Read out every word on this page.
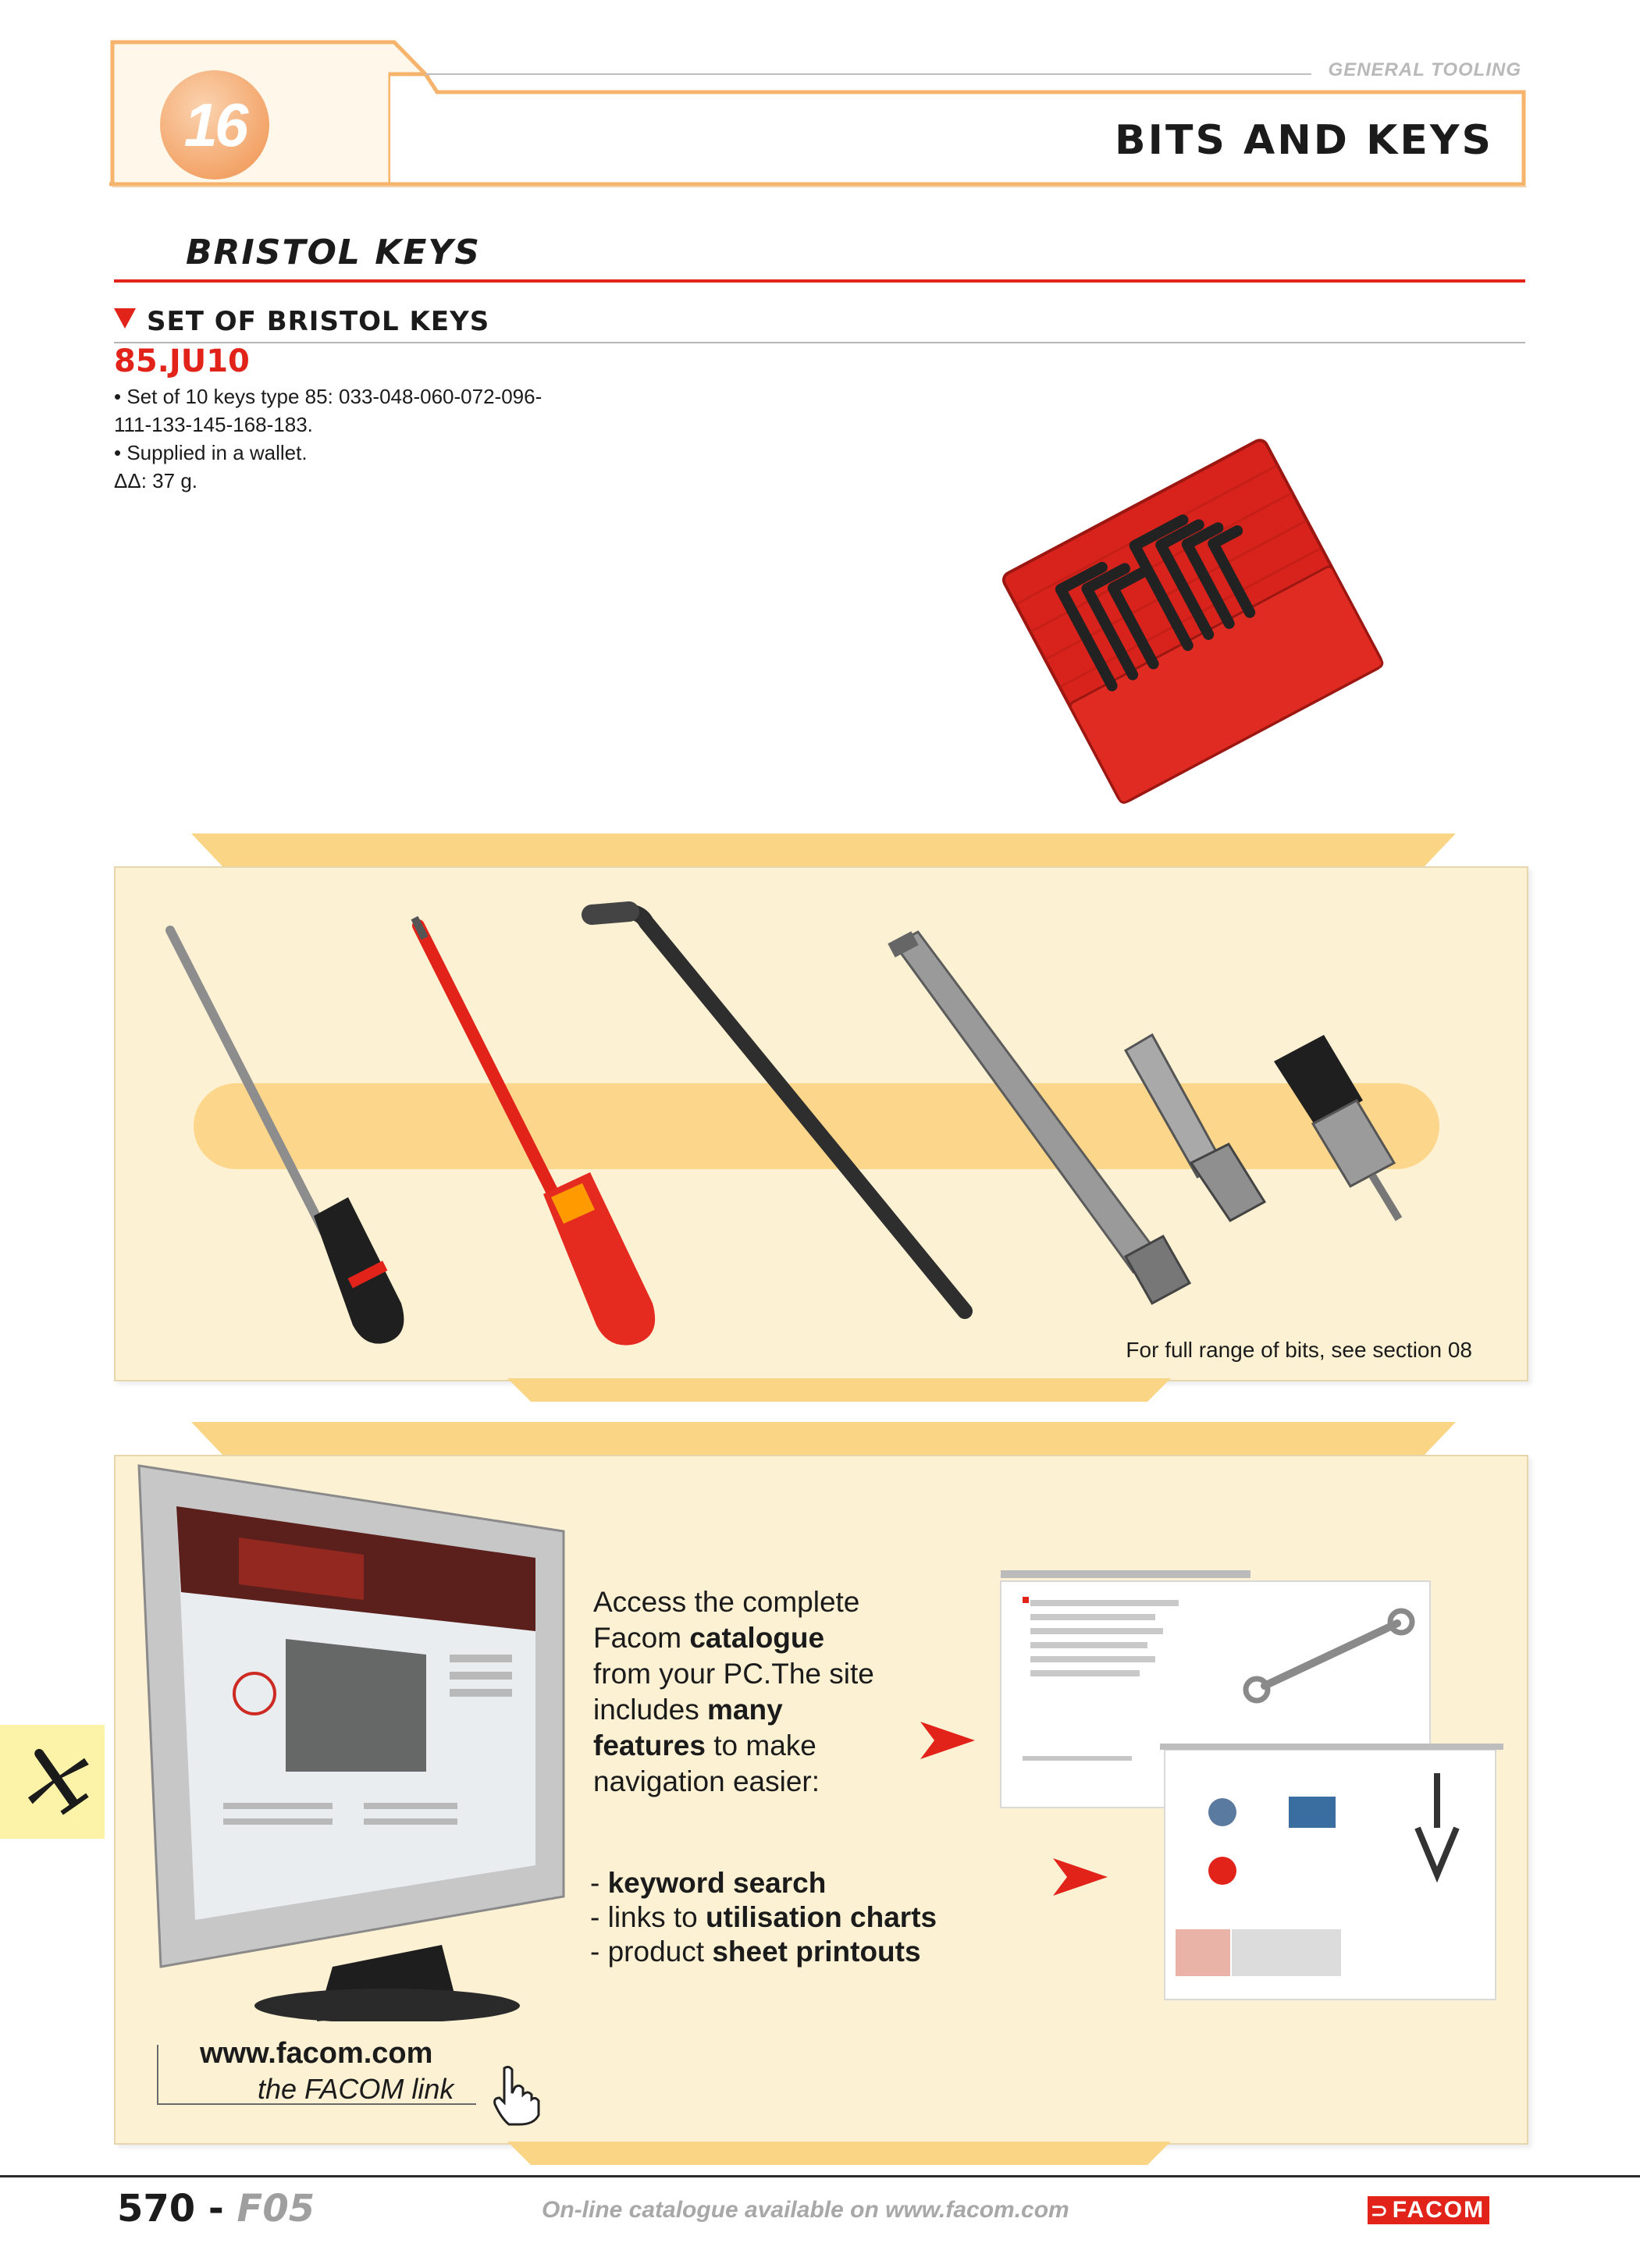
16
GENERAL TOOLING
BITS AND KEYS
BRISTOL KEYS
SET OF BRISTOL KEYS
85.JU10
• Set of 10 keys type 85: 033-048-060-072-096-
111-133-145-168-183.
• Supplied in a wallet.
ΔΔ: 37 g.
For full range of bits, see section 08
Access the complete
Facom catalogue
from your PC.The site
includes many
features to make
navigation easier:
- keyword search
- links to utilisation charts
- product sheet printouts
www.facom.com
the FACOM link
570 - F05	On-line catalogue available on www.facom.com	⊃ FACOM
